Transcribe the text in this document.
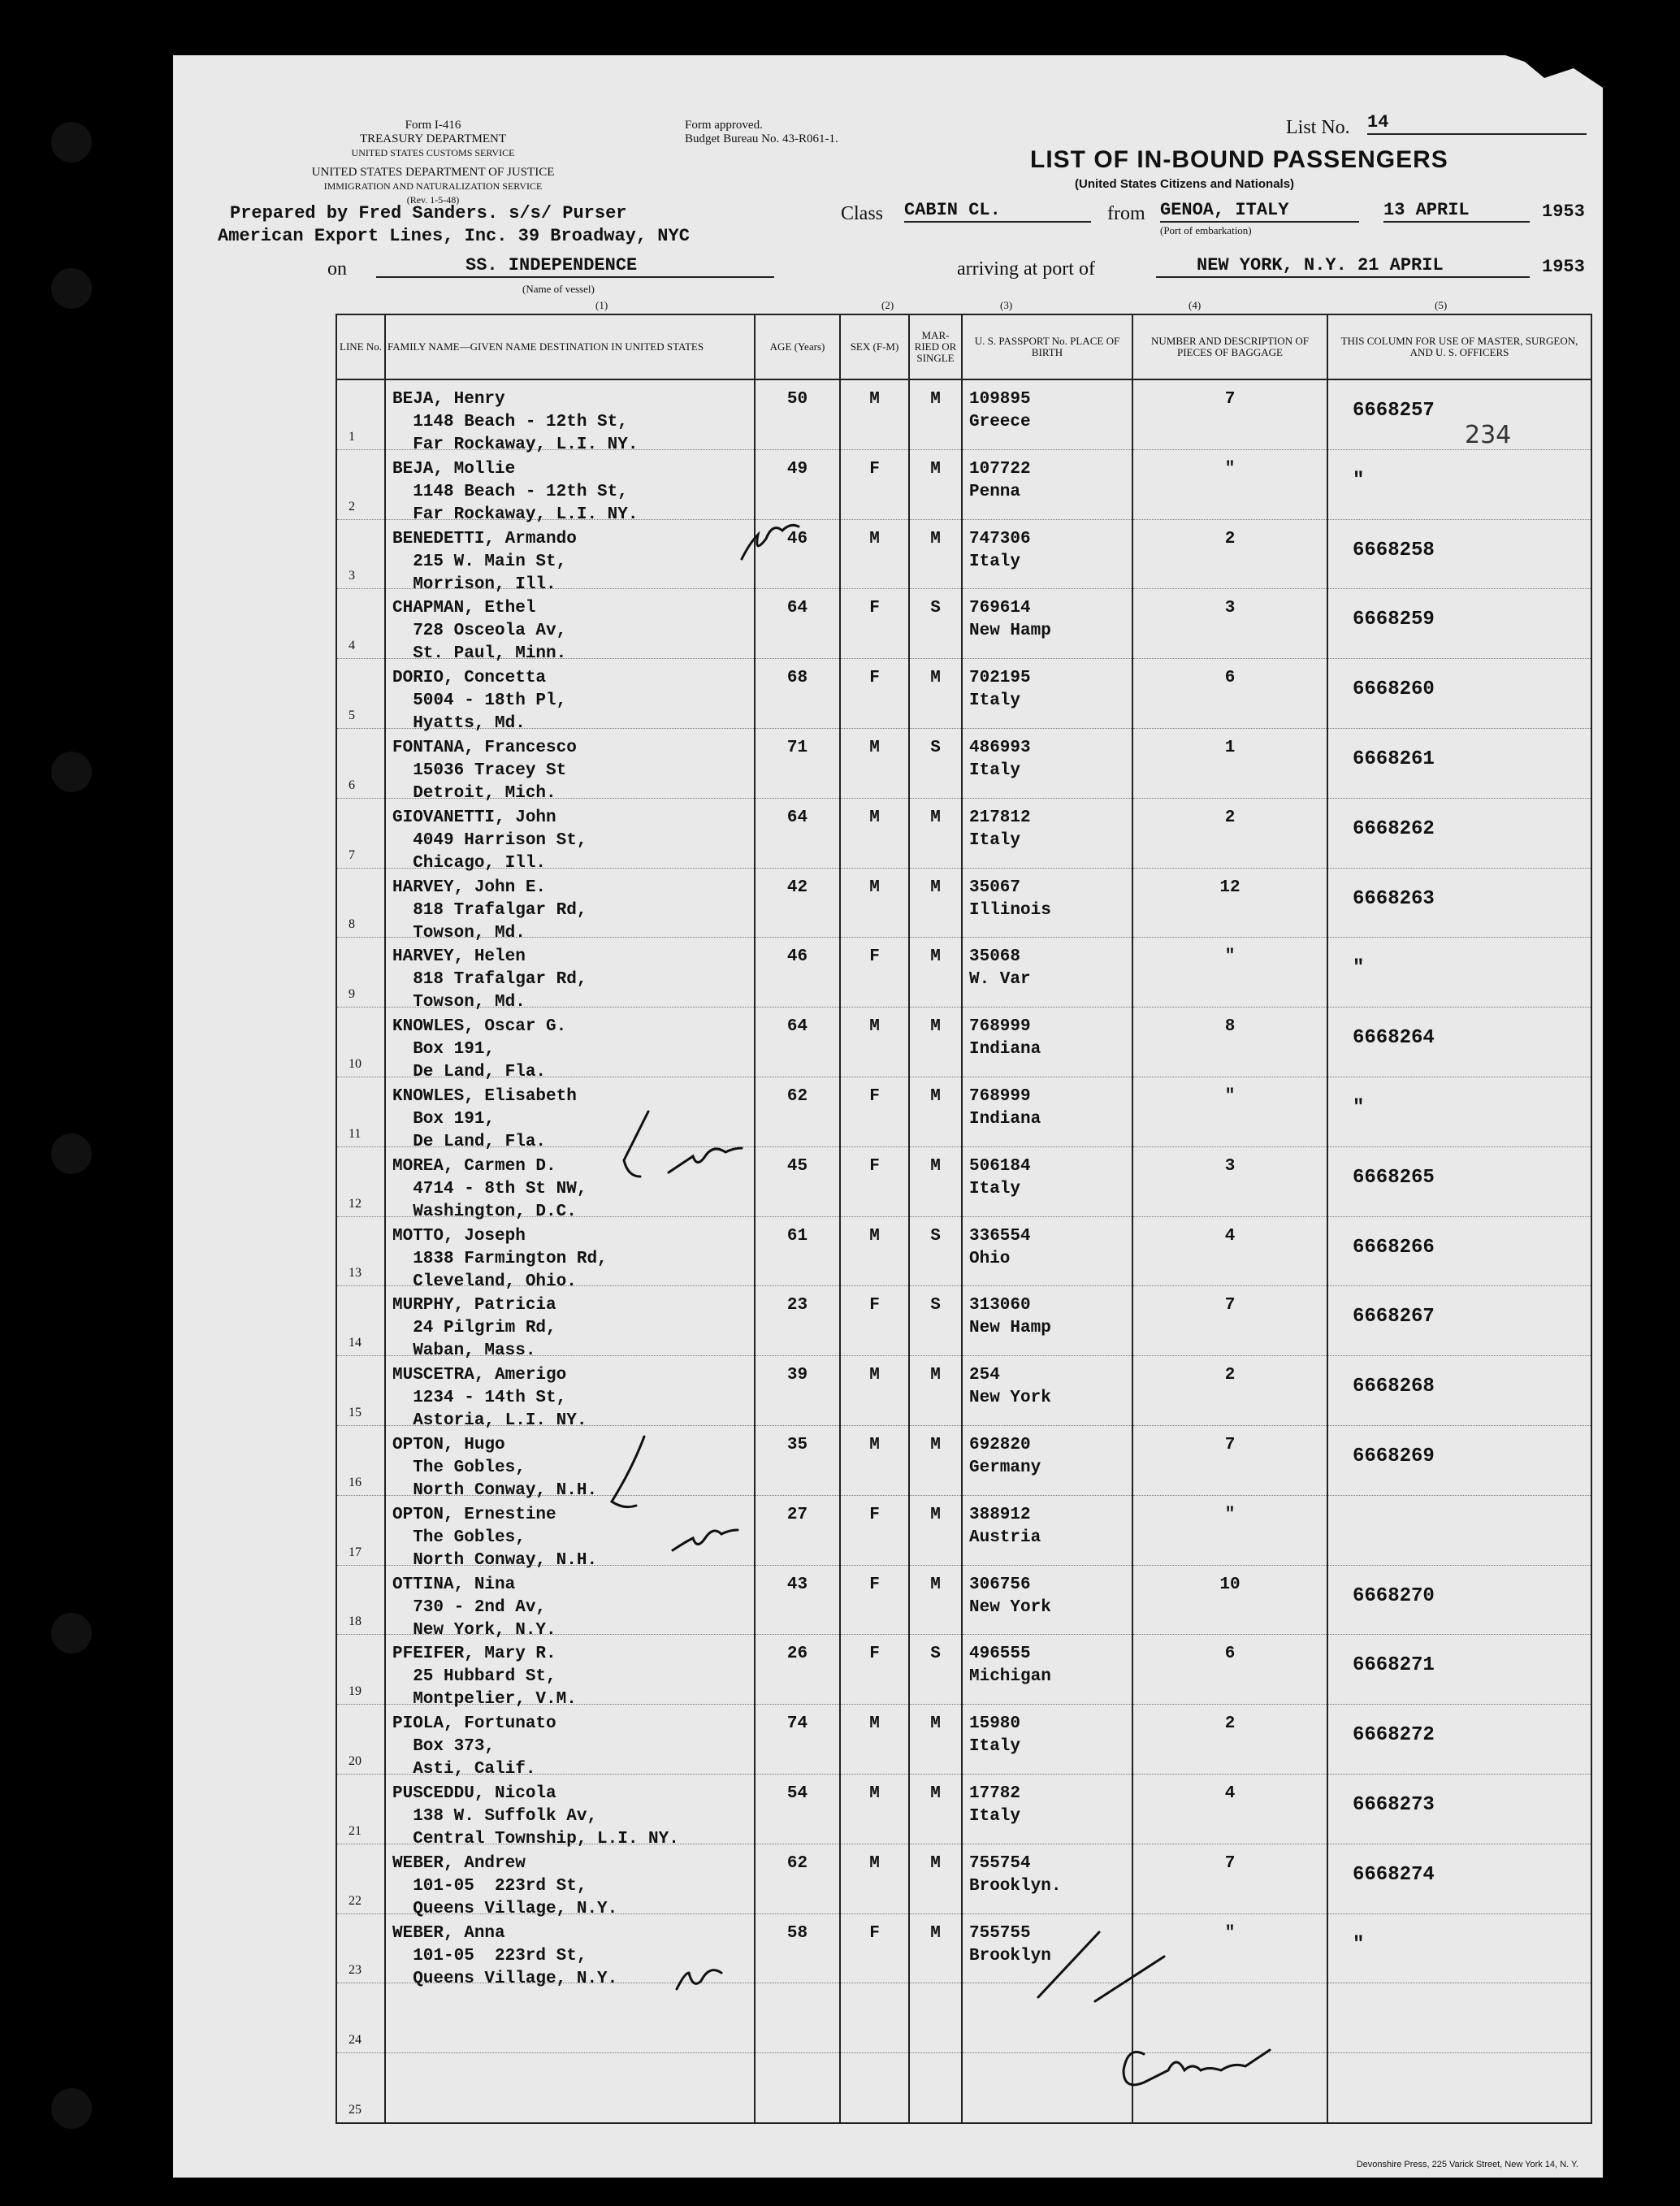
Form I-416
TREASURY DEPARTMENT
UNITED STATES CUSTOMS SERVICE
UNITED STATES DEPARTMENT OF JUSTICE
IMMIGRATION AND NATURALIZATION SERVICE
(Rev. 1-5-48)
Form approved.
Budget Bureau No. 43-R061-1.
List No. 14
LIST OF IN-BOUND PASSENGERS
(United States Citizens and Nationals)
Prepared by Fred Sanders. s/s/ Purser
American Export Lines, Inc. 39 Broadway, NYC
Class CABIN CL.	from GENOA, ITALY	13 APRIL	1953
(Port of embarkation)
on	SS. INDEPENDENCE
(Name of vessel)
arriving at port of	NEW YORK, N.Y. 21 APRIL	1953
(1)	(2)	(3)	(4)	(5)
LINE No.	FAMILY NAME—GIVEN NAME DESTINATION IN UNITED STATES	AGE (Years)	SEX (F-M)	MAR-RIED OR SINGLE	U. S. PASSPORT No. PLACE OF BIRTH	NUMBER AND DESCRIPTION OF PIECES OF BAGGAGE	THIS COLUMN FOR USE OF MASTER, SURGEON, AND U. S. OFFICERS

1	BEJA, Henry
1148 Beach - 12th St,
Far Rockaway, L.I. NY.	50	M	M	109895
Greece	7	6668257

2	BEJA, Mollie
1148 Beach - 12th St,
Far Rockaway, L.I. NY.	49	F	M	107722
Penna	"	"

3	BENEDETTI, Armando
215 W. Main St,
Morrison, Ill.	46	M	M	747306
Italy	2	6668258

4	CHAPMAN, Ethel
728 Osceola Av,
St. Paul, Minn.	64	F	S	769614
New Hamp	3	6668259

5	DORIO, Concetta
5004 - 18th Pl,
Hyatts, Md.	68	F	M	702195
Italy	6	6668260

6	FONTANA, Francesco
15036 Tracey St
Detroit, Mich.	71	M	S	486993
Italy	1	6668261

7	GIOVANETTI, John
4049 Harrison St,
Chicago, Ill.	64	M	M	217812
Italy	2	6668262

8	HARVEY, John E.
818 Trafalgar Rd,
Towson, Md.	42	M	M	35067
Illinois	12	6668263

9	HARVEY, Helen
818 Trafalgar Rd,
Towson, Md.	46	F	M	35068
W. Var	"	"

10	KNOWLES, Oscar G.
Box 191,
De Land, Fla.	64	M	M	768999
Indiana	8	6668264

11	KNOWLES, Elisabeth
Box 191,
De Land, Fla.	62	F	M	768999
Indiana	"	"

12	MOREA, Carmen D.
4714 - 8th St NW,
Washington, D.C.	45	F	M	506184
Italy	3	6668265

13	MOTTO, Joseph
1838 Farmington Rd,
Cleveland, Ohio.	61	M	S	336554
Ohio	4	6668266

14	MURPHY, Patricia
24 Pilgrim Rd,
Waban, Mass.	23	F	S	313060
New Hamp	7	6668267

15	MUSCETRA, Amerigo
1234 - 14th St,
Astoria, L.I. NY.	39	M	M	254
New York	2	6668268

16	OPTON, Hugo
The Gobles,
North Conway, N.H.	35	M	M	692820
Germany	7	6668269

17	OPTON, Ernestine
The Gobles,
North Conway, N.H.	27	F	M	388912
Austria	"	

18	OTTINA, Nina
730 - 2nd Av,
New York, N.Y.	43	F	M	306756
New York	10	6668270

19	PFEIFER, Mary R.
25 Hubbard St,
Montpelier, V.M.	26	F	S	496555
Michigan	6	6668271

20	PIOLA, Fortunato
Box 373,
Asti, Calif.	74	M	M	15980
Italy	2	6668272

21	PUSCEDDU, Nicola
138 W. Suffolk Av,
Central Township, L.I. NY.	54	M	M	17782
Italy	4	6668273

22	WEBER, Andrew
101-05  223rd St,
Queens Village, N.Y.	62	M	M	755754
Brooklyn.	7	6668274

23	WEBER, Anna
101-05  223rd St,
Queens Village, N.Y.	58	F	M	755755
Brooklyn	"	"

24							

25							

234
Devonshire Press, 225 Varick Street, New York 14, N. Y.
